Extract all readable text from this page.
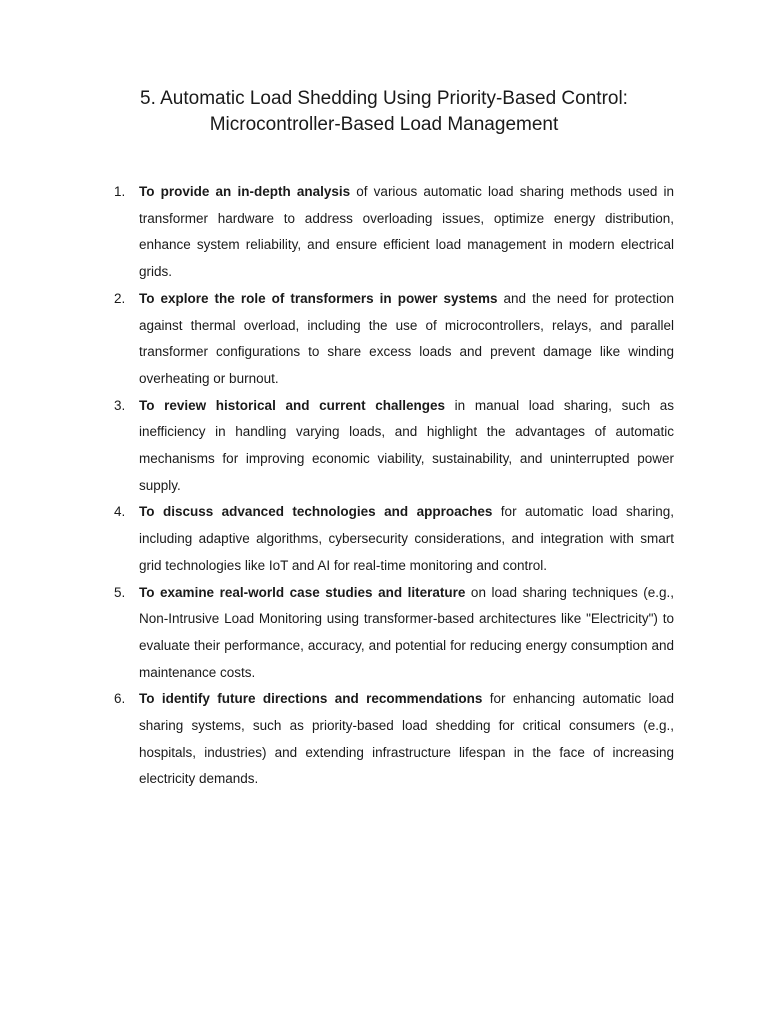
5. Automatic Load Shedding Using Priority-Based Control:
Microcontroller-Based Load Management
1.	To provide an in-depth analysis of various automatic load sharing methods used in transformer hardware to address overloading issues, optimize energy distribution, enhance system reliability, and ensure efficient load management in modern electrical grids.
2.	To explore the role of transformers in power systems and the need for protection against thermal overload, including the use of microcontrollers, relays, and parallel transformer configurations to share excess loads and prevent damage like winding overheating or burnout.
3.	To review historical and current challenges in manual load sharing, such as inefficiency in handling varying loads, and highlight the advantages of automatic mechanisms for improving economic viability, sustainability, and uninterrupted power supply.
4.	To discuss advanced technologies and approaches for automatic load sharing, including adaptive algorithms, cybersecurity considerations, and integration with smart grid technologies like IoT and AI for real-time monitoring and control.
5.	To examine real-world case studies and literature on load sharing techniques (e.g., Non-Intrusive Load Monitoring using transformer-based architectures like "Electricity") to evaluate their performance, accuracy, and potential for reducing energy consumption and maintenance costs.
6.	To identify future directions and recommendations for enhancing automatic load sharing systems, such as priority-based load shedding for critical consumers (e.g., hospitals, industries) and extending infrastructure lifespan in the face of increasing electricity demands.
